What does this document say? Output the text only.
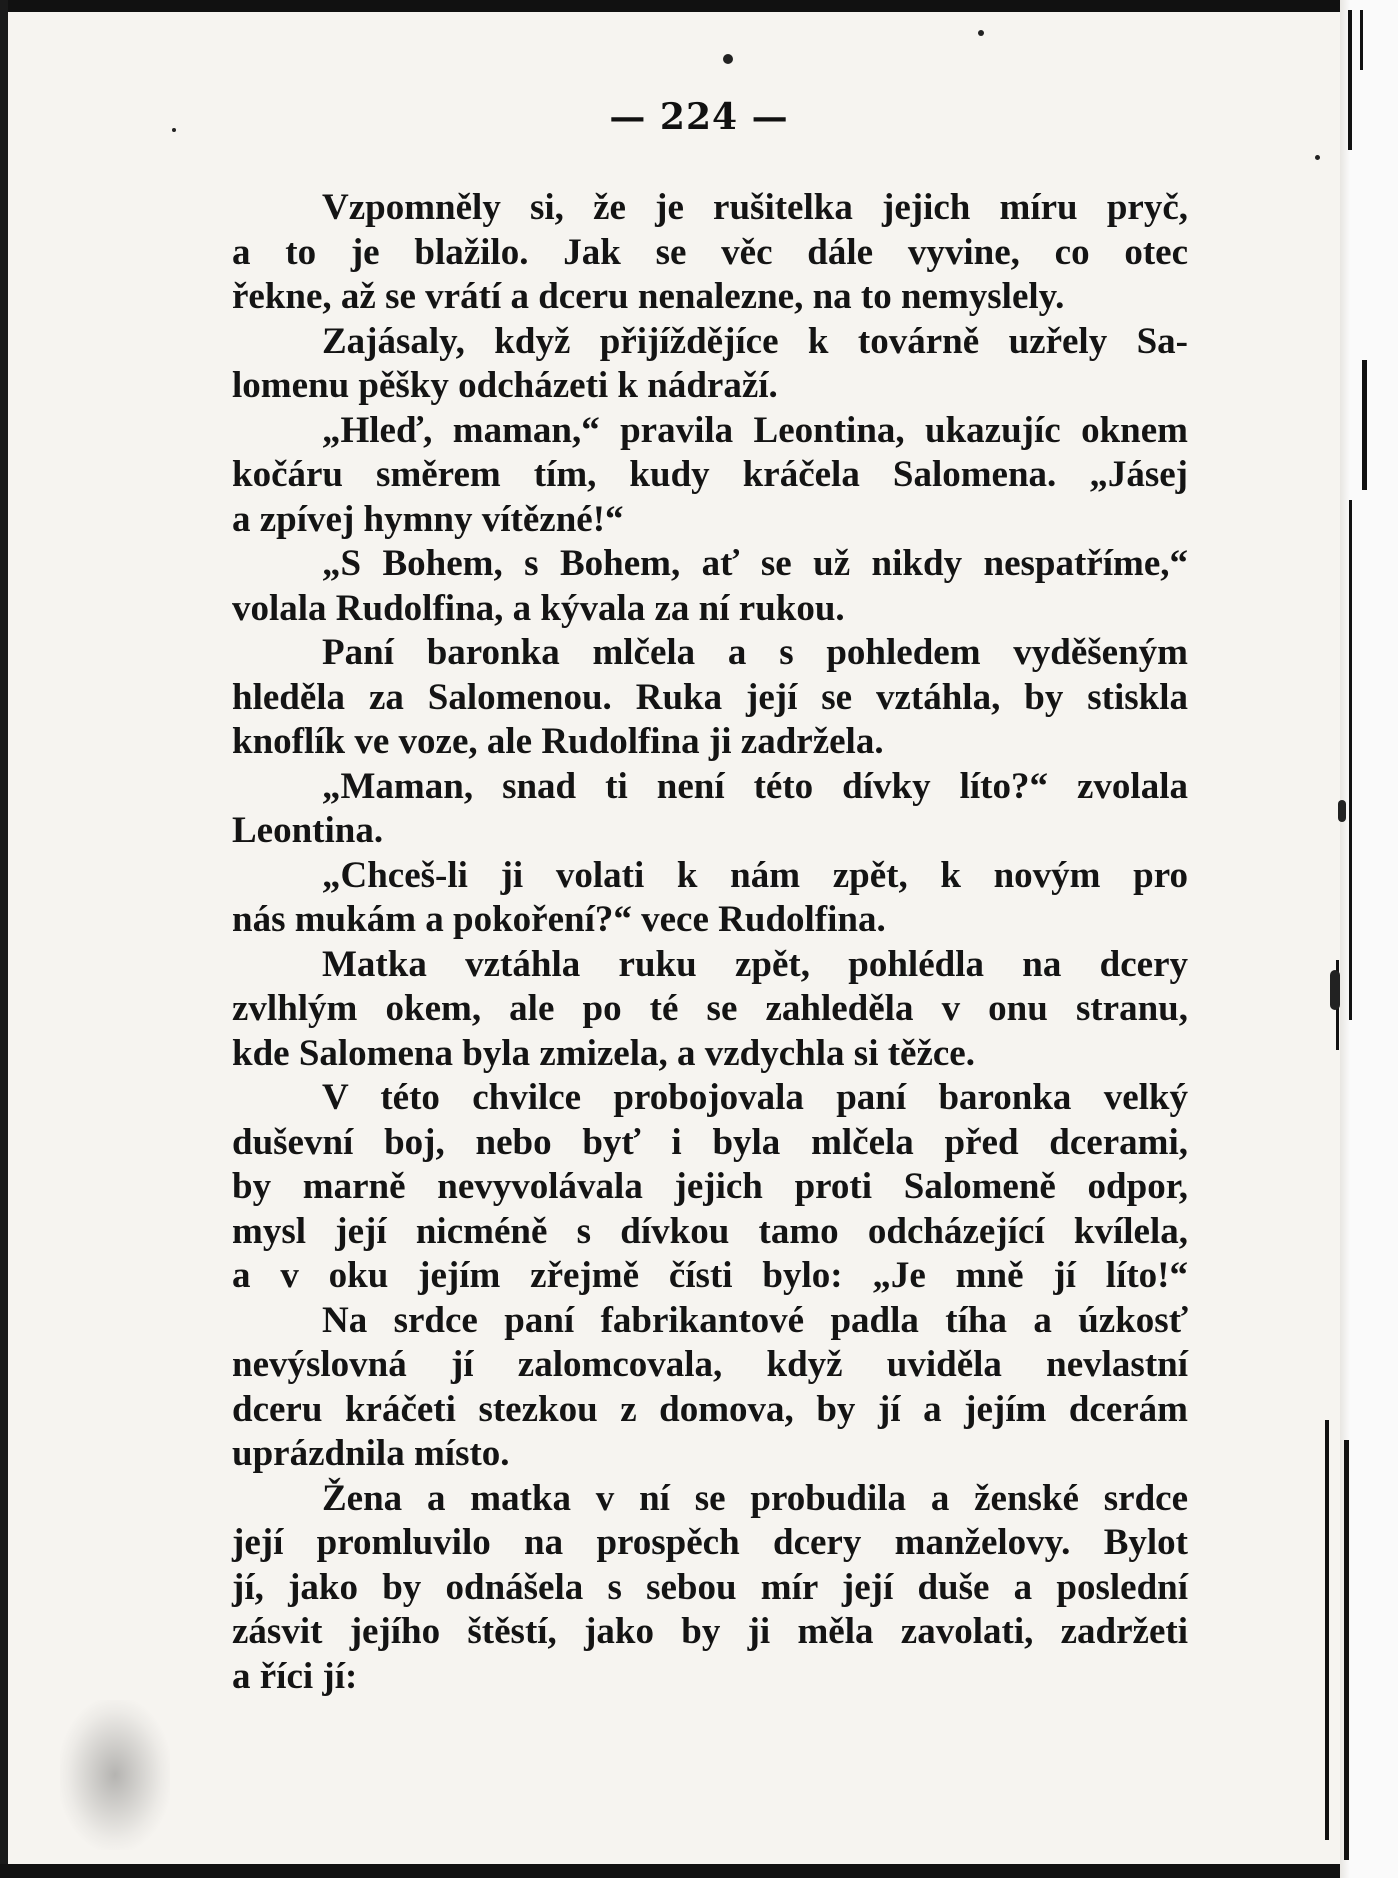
— 224 —
Vzpomněly si, že je rušitelka jejich míru pryč,
a to je blažilo. Jak se věc dále vyvine, co otec
řekne, až se vrátí a dceru nenalezne, na to nemyslely.
Zajásaly, když přijíždějíce k továrně uzřely Sa-
lomenu pěšky odcházeti k nádraží.
„Hleď, maman,“ pravila Leontina, ukazujíc oknem
kočáru směrem tím, kudy kráčela Salomena. „Jásej
a zpívej hymny vítězné!“
„S Bohem, s Bohem, ať se už nikdy nespatříme,“
volala Rudolfina, a kývala za ní rukou.
Paní baronka mlčela a s pohledem vyděšeným
hleděla za Salomenou. Ruka její se vztáhla, by stiskla
knoflík ve voze, ale Rudolfina ji zadržela.
„Maman, snad ti není této dívky líto?“ zvolala
Leontina.
„Chceš-li ji volati k nám zpět, k novým pro
nás mukám a pokoření?“ vece Rudolfina.
Matka vztáhla ruku zpět, pohlédla na dcery
zvlhlým okem, ale po té se zahleděla v onu stranu,
kde Salomena byla zmizela, a vzdychla si těžce.
V této chvilce probojovala paní baronka velký
duševní boj, nebo byť i byla mlčela před dcerami,
by marně nevyvolávala jejich proti Salomeně odpor,
mysl její nicméně s dívkou tamo odcházející kvílela,
a v oku jejím zřejmě čísti bylo: „Je mně jí líto!“
Na srdce paní fabrikantové padla tíha a úzkosť
nevýslovná jí zalomcovala, když uviděla nevlastní
dceru kráčeti stezkou z domova, by jí a jejím dcerám
uprázdnila místo.
Žena a matka v ní se probudila a ženské srdce
její promluvilo na prospěch dcery manželovy. Bylot
jí, jako by odnášela s sebou mír její duše a poslední
zásvit jejího štěstí, jako by ji měla zavolati, zadržeti
a říci jí:
